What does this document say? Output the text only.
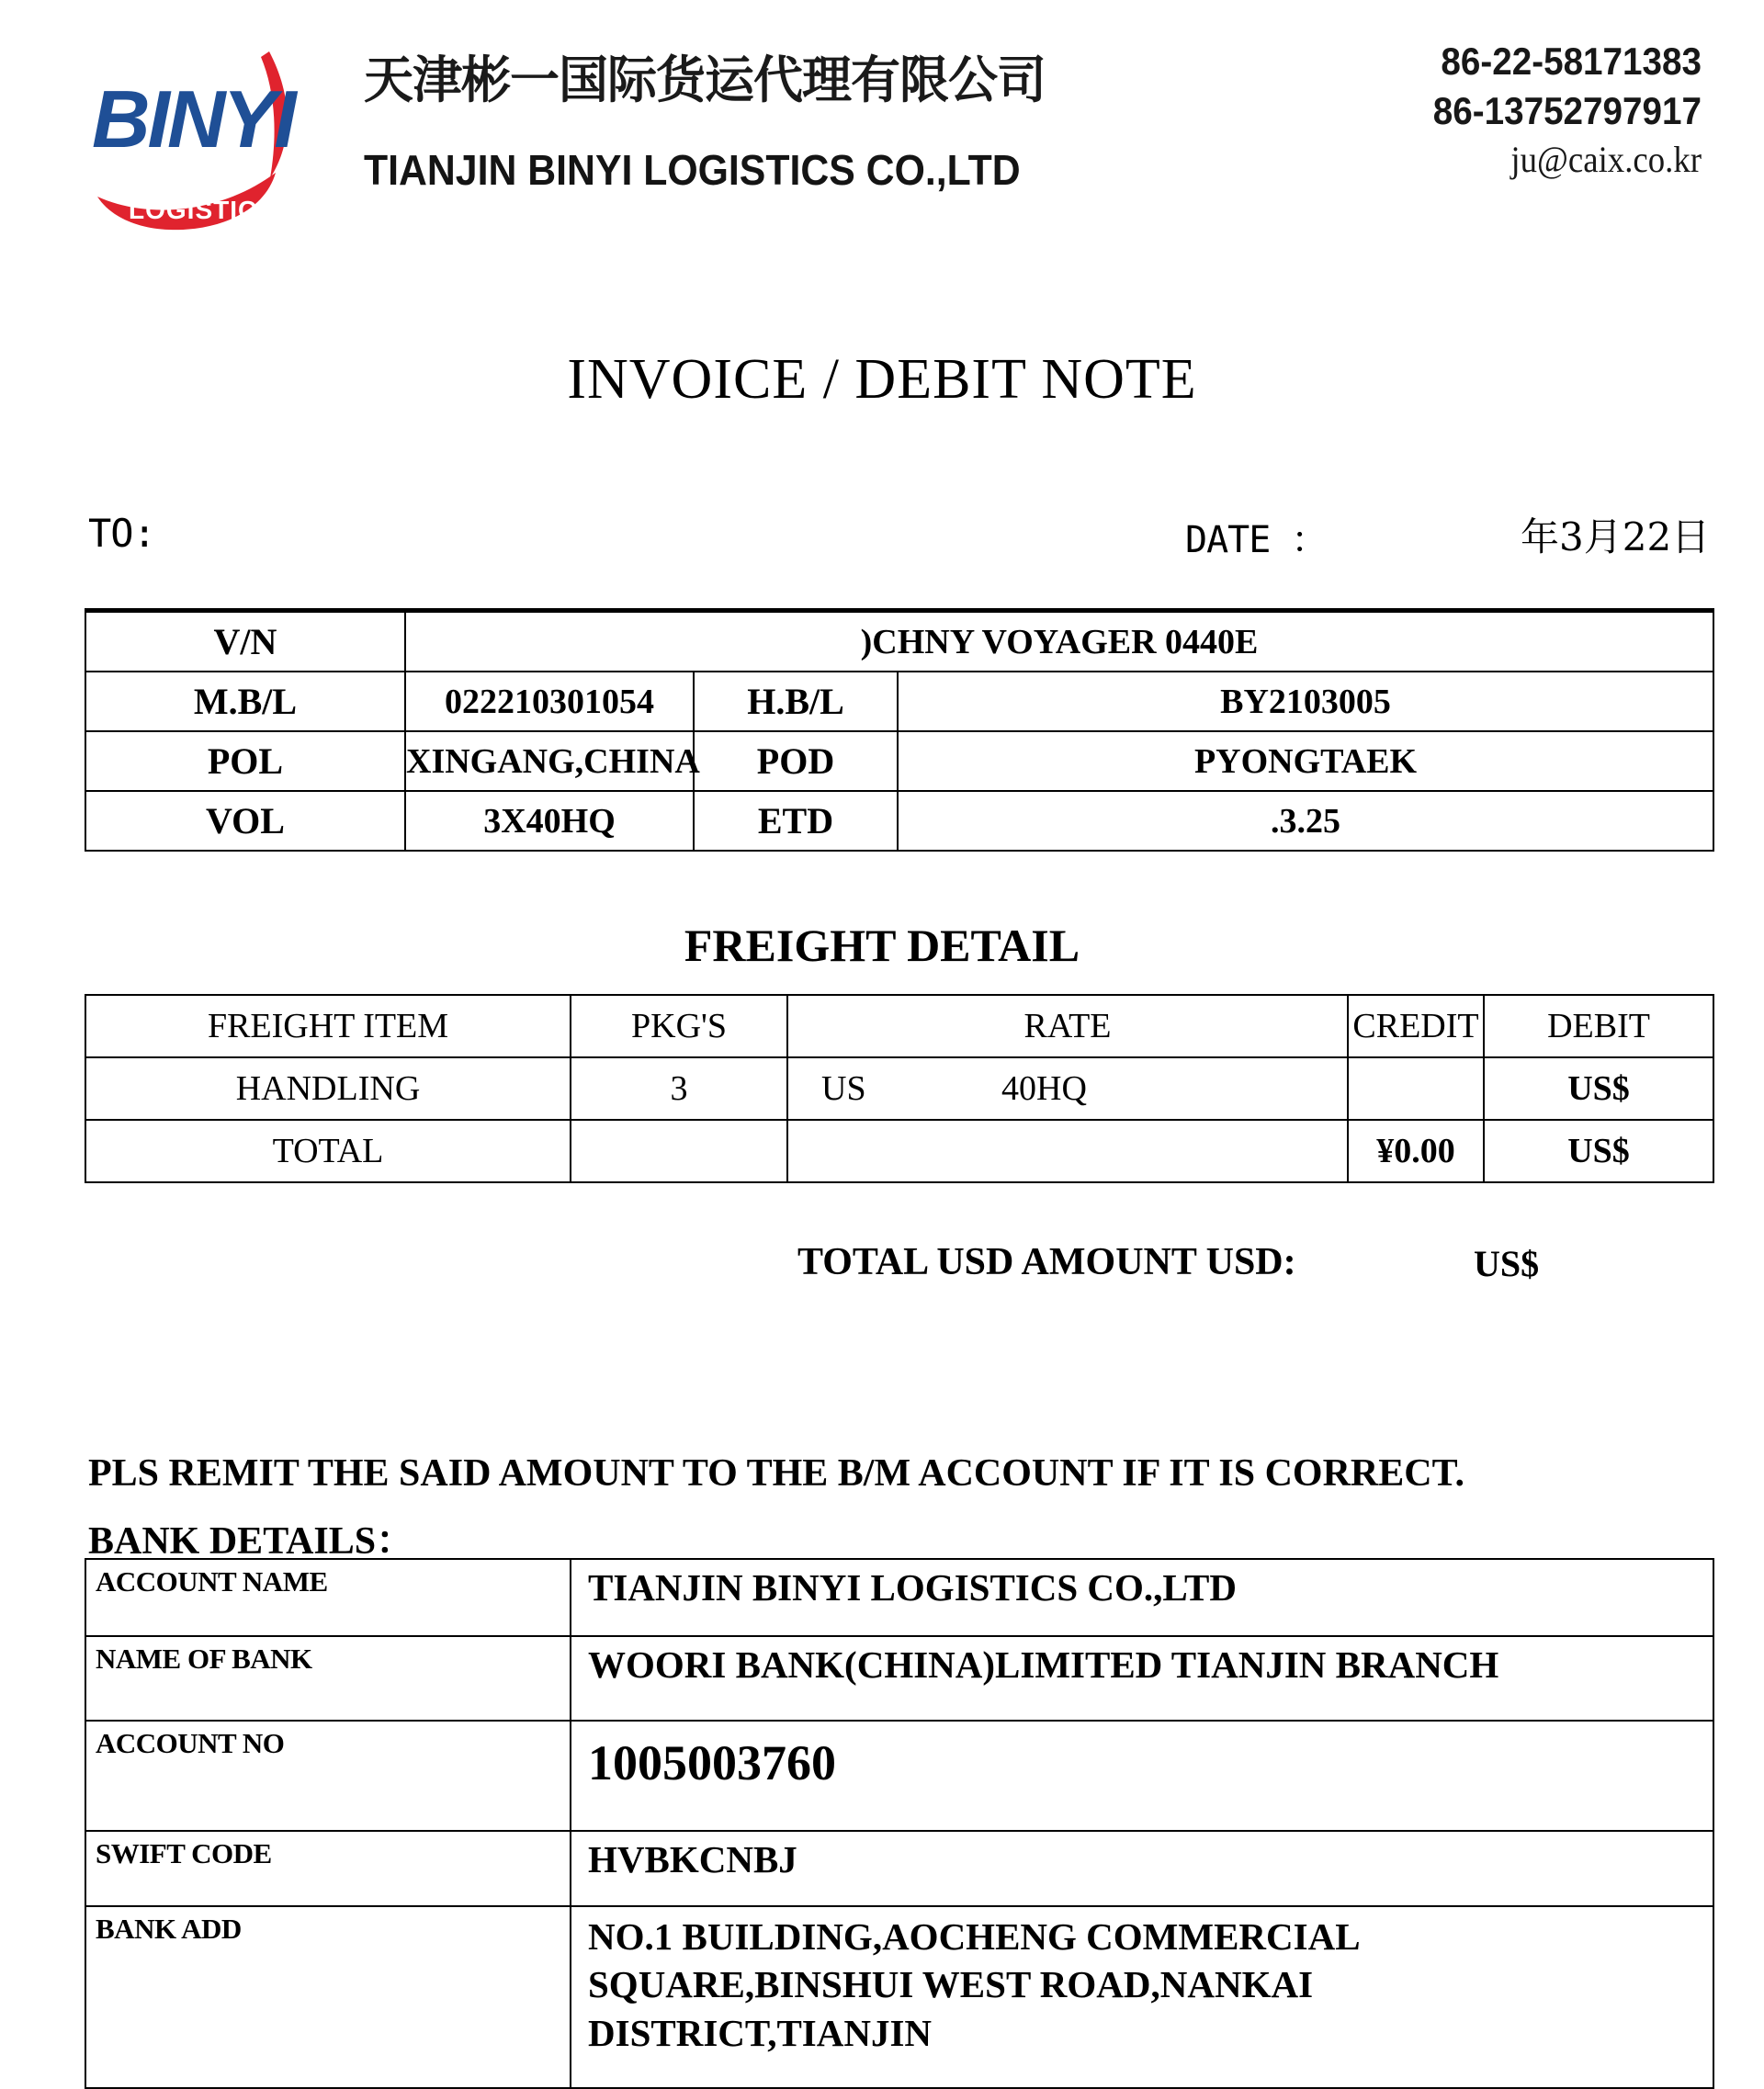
BINYI
LOGISTICS
天津彬一国际货运代理有限公司
TIANJIN BINYI LOGISTICS CO.,LTD
86-22-58171383
86-13752797917
ju@caix.co.kr
INVOICE / DEBIT NOTE
TO:	DATE ：	年3月22日
V/N	)CHNY VOYAGER 0440E		
M.B/L	022210301054	H.B/L	BY2103005
POL	XINGANG,CHINA	POD	PYONGTAEK
VOL	3X40HQ	ETD	.3.25
FREIGHT DETAIL
FREIGHT ITEM	PKG'S	RATE	CREDIT	DEBIT
HANDLING	3	US 40HQ		US$
TOTAL			¥0.00	US$
TOTAL USD AMOUNT USD:	US$
PLS REMIT THE SAID AMOUNT TO THE B/M ACCOUNT IF IT IS CORRECT.
BANK DETAILS：
ACCOUNT NAME	TIANJIN BINYI LOGISTICS CO.,LTD
NAME OF BANK	WOORI BANK(CHINA)LIMITED TIANJIN BRANCH
ACCOUNT NO	1005003760
SWIFT CODE	HVBKCNBJ
BANK ADD	NO.1 BUILDING,AOCHENG COMMERCIAL
SQUARE,BINSHUI WEST ROAD,NANKAI
DISTRICT,TIANJIN
